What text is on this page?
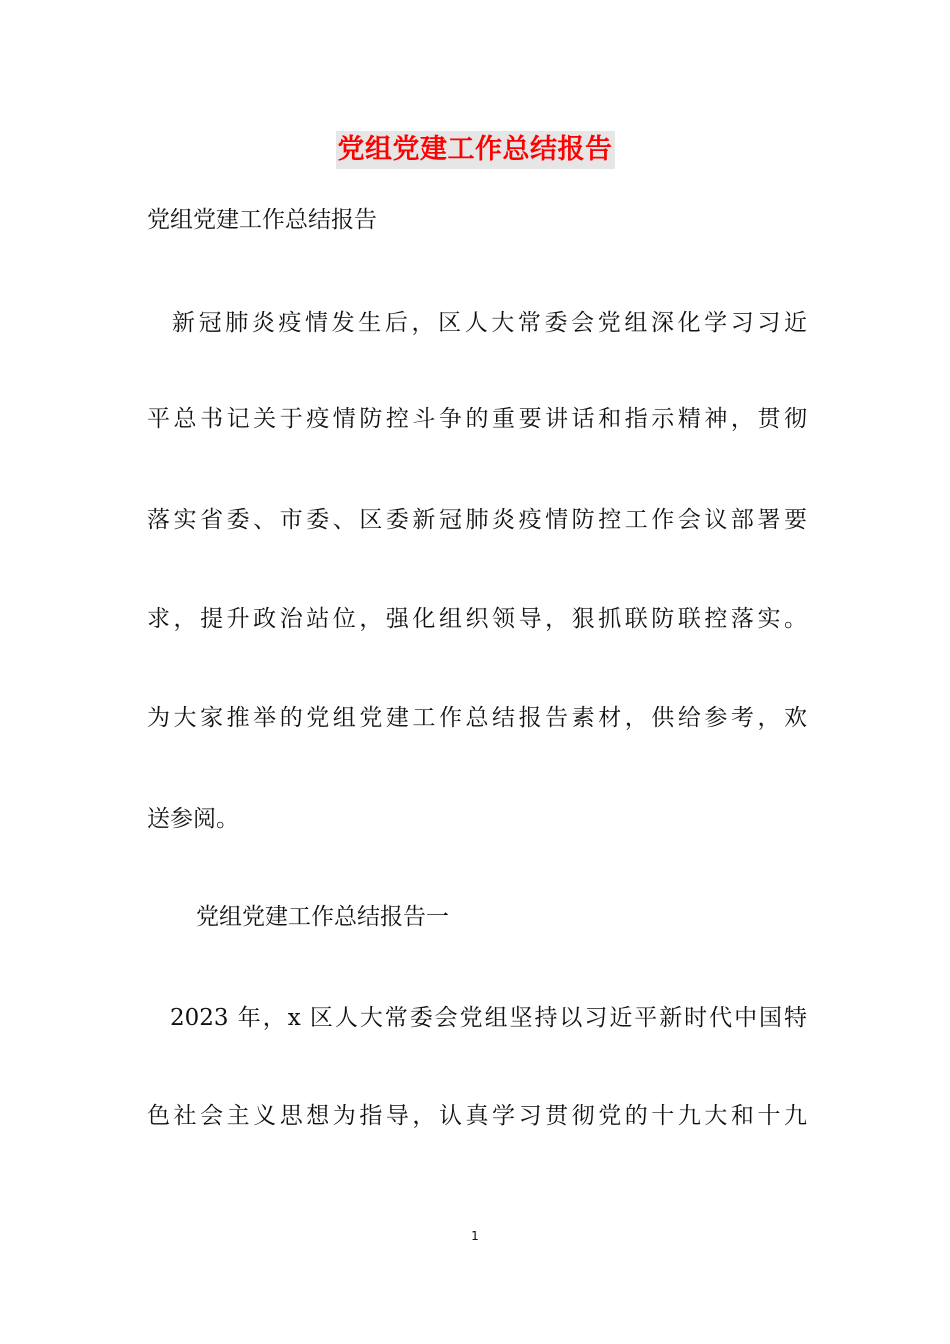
党组党建工作总结报告
党组党建工作总结报告
新冠肺炎疫情发生后，区人大常委会党组深化学习习近
平总书记关于疫情防控斗争的重要讲话和指示精神，贯彻
落实省委、市委、区委新冠肺炎疫情防控工作会议部署要
求，提升政治站位，强化组织领导，狠抓联防联控落实。
为大家推举的党组党建工作总结报告素材，供给参考，欢
送参阅。
党组党建工作总结报告一
2023 年，x 区人大常委会党组坚持以习近平新时代中国特
色社会主义思想为指导，认真学习贯彻党的十九大和十九
1
